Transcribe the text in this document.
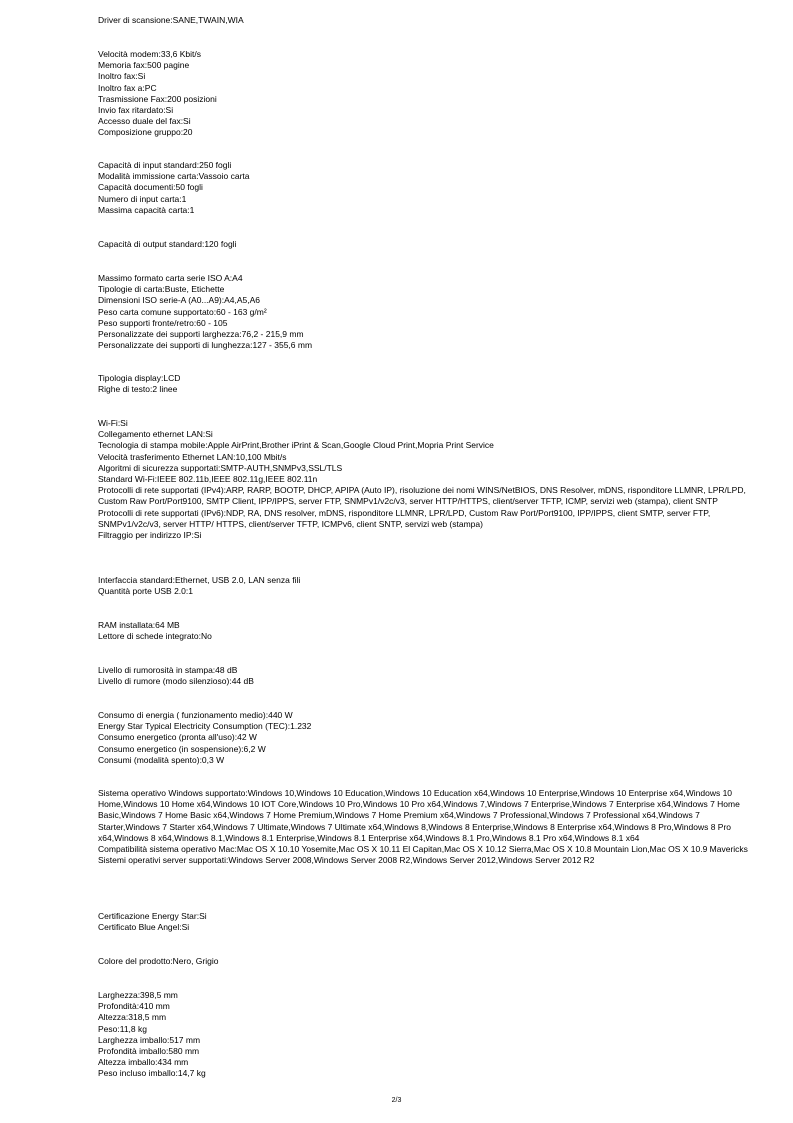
Driver di scansione:SANE,TWAIN,WIA
Velocità modem:33,6 Kbit/s
Memoria fax:500 pagine
Inoltro fax:Si
Inoltro fax a:PC
Trasmissione Fax:200 posizioni
Invio fax ritardato:Si
Accesso duale del fax:Si
Composizione gruppo:20
Capacità di input standard:250 fogli
Modalità immissione carta:Vassoio carta
Capacità documenti:50 fogli
Numero di input carta:1
Massima capacità carta:1
Capacità di output standard:120 fogli
Massimo formato carta serie ISO A:A4
Tipologie di carta:Buste, Etichette
Dimensioni ISO serie-A (A0...A9):A4,A5,A6
Peso carta comune supportato:60 - 163 g/m²
Peso supporti fronte/retro:60 - 105
Personalizzate dei supporti larghezza:76,2 - 215,9 mm
Personalizzate dei supporti di lunghezza:127 - 355,6 mm
Tipologia display:LCD
Righe di testo:2 linee
Wi-Fi:Si
Collegamento ethernet LAN:Si
Tecnologia di stampa mobile:Apple AirPrint,Brother iPrint & Scan,Google Cloud Print,Mopria Print Service
Velocità trasferimento Ethernet LAN:10,100 Mbit/s
Algoritmi di sicurezza supportati:SMTP-AUTH,SNMPv3,SSL/TLS
Standard Wi-Fi:IEEE 802.11b,IEEE 802.11g,IEEE 802.11n
Protocolli di rete supportati (IPv4):ARP, RARP, BOOTP, DHCP, APIPA (Auto IP), risoluzione dei nomi WINS/NetBIOS, DNS Resolver, mDNS, risponditore LLMNR, LPR/LPD, Custom Raw Port/Port9100, SMTP Client, IPP/IPPS, server FTP, SNMPv1/v2c/v3, server HTTP/HTTPS, client/server TFTP, ICMP, servizi web (stampa), client SNTP
Protocolli di rete supportati (IPv6):NDP, RA, DNS resolver, mDNS, risponditore LLMNR, LPR/LPD, Custom Raw Port/Port9100, IPP/IPPS, client SMTP, server FTP, SNMPv1/v2c/v3, server HTTP/ HTTPS, client/server TFTP, ICMPv6, client SNTP, servizi web (stampa)
Filtraggio per indirizzo IP:Si
Interfaccia standard:Ethernet, USB 2.0, LAN senza fili
Quantità porte USB 2.0:1
RAM installata:64 MB
Lettore di schede integrato:No
Livello di rumorosità in stampa:48 dB
Livello di rumore (modo silenzioso):44 dB
Consumo di energia ( funzionamento medio):440 W
Energy Star Typical Electricity Consumption (TEC):1.232
Consumo energetico (pronta all'uso):42 W
Consumo energetico (in sospensione):6,2 W
Consumi (modalità spento):0,3 W
Sistema operativo Windows supportato:Windows 10,Windows 10 Education,Windows 10 Education x64,Windows 10 Enterprise,Windows 10 Enterprise x64,Windows 10 Home,Windows 10 Home x64,Windows 10 IOT Core,Windows 10 Pro,Windows 10 Pro x64,Windows 7,Windows 7 Enterprise,Windows 7 Enterprise x64,Windows 7 Home Basic,Windows 7 Home Basic x64,Windows 7 Home Premium,Windows 7 Home Premium x64,Windows 7 Professional,Windows 7 Professional x64,Windows 7 Starter,Windows 7 Starter x64,Windows 7 Ultimate,Windows 7 Ultimate x64,Windows 8,Windows 8 Enterprise,Windows 8 Enterprise x64,Windows 8 Pro,Windows 8 Pro x64,Windows 8 x64,Windows 8.1,Windows 8.1 Enterprise,Windows 8.1 Enterprise x64,Windows 8.1 Pro,Windows 8.1 Pro x64,Windows 8.1 x64
Compatibilità sistema operativo Mac:Mac OS X 10.10 Yosemite,Mac OS X 10.11 El Capitan,Mac OS X 10.12 Sierra,Mac OS X 10.8 Mountain Lion,Mac OS X 10.9 Mavericks
Sistemi operativi server supportati:Windows Server 2008,Windows Server 2008 R2,Windows Server 2012,Windows Server 2012 R2
Certificazione Energy Star:Si
Certificato Blue Angel:Si
Colore del prodotto:Nero, Grigio
Larghezza:398,5 mm
Profondità:410 mm
Altezza:318,5 mm
Peso:11,8 kg
Larghezza imballo:517 mm
Profondità imballo:580 mm
Altezza imballo:434 mm
Peso incluso imballo:14,7 kg
2/3
